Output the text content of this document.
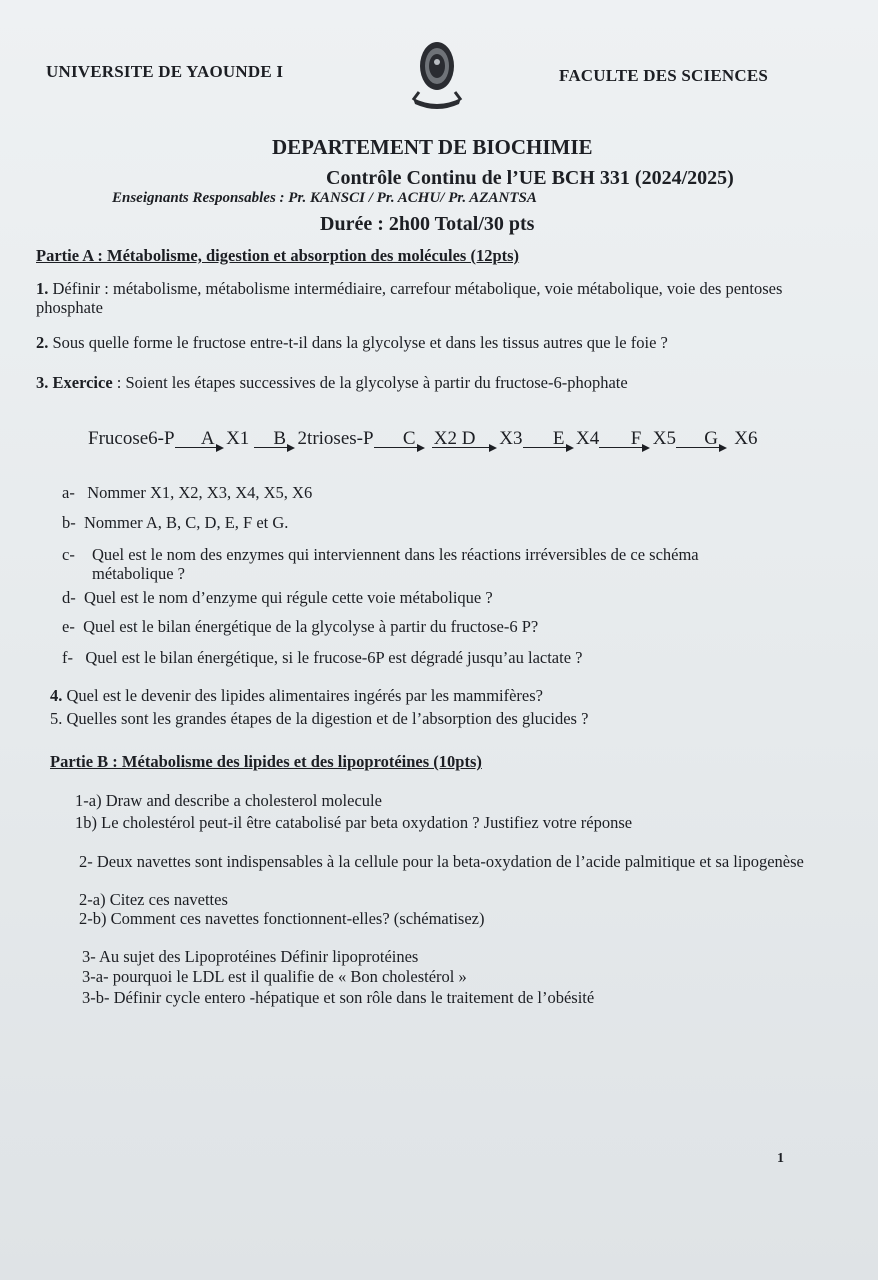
UNIVERSITE DE YAOUNDE I	FACULTE DES SCIENCES
DEPARTEMENT DE BIOCHIMIE
Contrôle Continu de l’UE BCH 331 (2024/2025)
Enseignants Responsables : Pr. KANSCI / Pr. ACHU/ Pr. AZANTSA
Durée : 2h00 Total/30 pts
Partie A : Métabolisme, digestion et absorption des molécules (12pts)
1. Définir : métabolisme, métabolisme intermédiaire, carrefour métabolique, voie métabolique, voie des pentoses phosphate
2. Sous quelle forme le fructose entre-t-il dans la glycolyse et dans les tissus autres que le foie ?
3. Exercice : Soient les étapes successives de la glycolyse à partir du fructose-6-phophate
Frucose6-P A X1 B 2trioses-P C X2 D X3 E X4 F X5 G X6
a- Nommer X1, X2, X3, X4, X5, X6
b- Nommer A, B, C, D, E, F et G.
c- Quel est le nom des enzymes qui interviennent dans les réactions irréversibles de ce schéma métabolique ?
d- Quel est le nom d’enzyme qui régule cette voie métabolique ?
e- Quel est le bilan énergétique de la glycolyse à partir du fructose-6 P?
f- Quel est le bilan énergétique, si le frucose-6P est dégradé jusqu’au lactate ?
4. Quel est le devenir des lipides alimentaires ingérés par les mammifères?
5. Quelles sont les grandes étapes de la digestion et de l’absorption des glucides ?
Partie B : Métabolisme des lipides et des lipoprotéines (10pts)
1-a) Draw and describe a cholesterol molecule
1b) Le cholestérol peut-il être catabolisé par beta oxydation ? Justifiez votre réponse
2- Deux navettes sont indispensables à la cellule pour la beta-oxydation de l’acide palmitique et sa lipogenèse
2-a) Citez ces navettes
2-b) Comment ces navettes fonctionnent-elles? (schématisez)
3- Au sujet des Lipoprotéines Définir lipoprotéines
3-a- pourquoi le LDL est il qualifie de « Bon cholestérol »
3-b- Définir cycle entero -hépatique et son rôle dans le traitement de l’obésité
1
